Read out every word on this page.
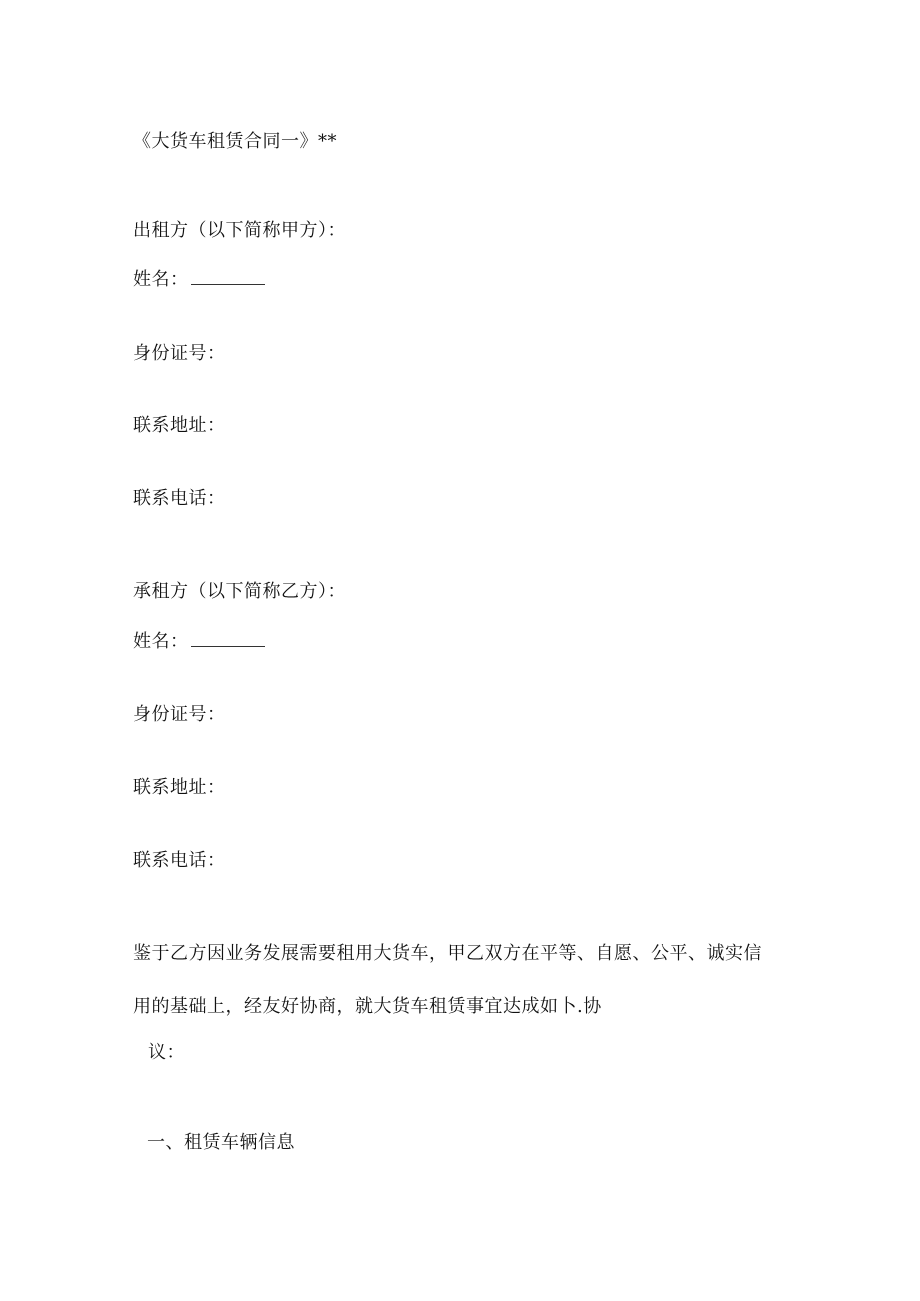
《大货车租赁合同一》**
出租方（以下简称甲方）：
姓名：
身份证号：
联系地址：
联系电话：
承租方（以下简称乙方）：
姓名：
身份证号：
联系地址：
联系电话：
鉴于乙方因业务发展需要租用大货车，甲乙双方在平等、自愿、公平、诚实信
用的基础上，经友好协商，就大货车租赁事宜达成如卜.协
议：
一、租赁车辆信息
